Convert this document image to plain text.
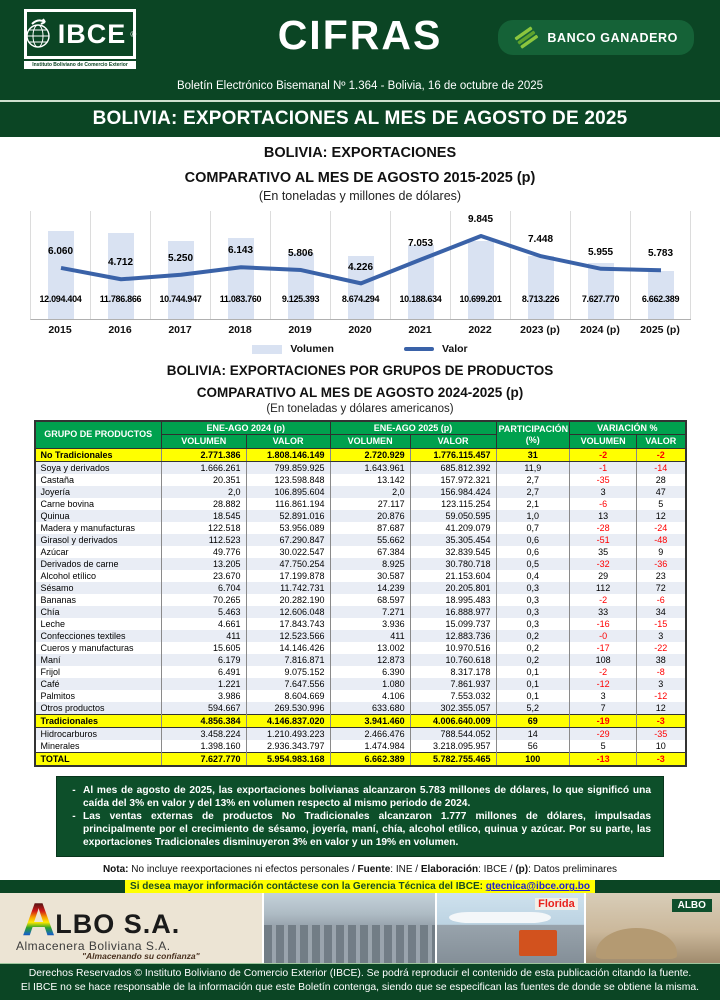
IBCE ®
Instituto Boliviano de Comercio Exterior
CIFRAS	BANCO GANADERO
Boletín Electrónico Bisemanal Nº 1.364 - Bolivia, 16 de octubre de 2025
BOLIVIA: EXPORTACIONES AL MES DE AGOSTO DE 2025
BOLIVIA: EXPORTACIONES
COMPARATIVO AL MES DE AGOSTO 2015-2025 (p)
(En toneladas y millones de dólares)
12.094.404
6.060
11.786.866
4.712
10.744.947
5.250
11.083.760
6.143
9.125.393
5.806
8.674.294
4.226
10.188.634
7.053
10.699.201
9.845
8.713.226
7.448
7.627.770
5.955
6.662.389
5.783
2015	2016	2017	2018	2019	2020	2021	2022	2023 (p)	2024 (p)	2025 (p)
Volumen	Valor
BOLIVIA: EXPORTACIONES POR GRUPOS DE PRODUCTOS
COMPARATIVO AL MES DE AGOSTO 2024-2025 (p)
(En toneladas y dólares americanos)
GRUPO DE PRODUCTOS	ENE-AGO 2024 (p)		ENE-AGO 2025 (p)		PARTICIPACIÓN
(%)	VARIACIÓN %	
	VOLUMEN	VALOR	VOLUMEN	VALOR		VOLUMEN	VALOR
No Tradicionales	2.771.386	1.808.146.149	2.720.929	1.776.115.457	31	-2	-2
Soya y derivados	1.666.261	799.859.925	1.643.961	685.812.392	11,9	-1	-14
Castaña	20.351	123.598.848	13.142	157.972.321	2,7	-35	28
Joyería	2,0	106.895.604	2,0	156.984.424	2,7	3	47
Carne bovina	28.882	116.861.194	27.117	123.115.254	2,1	-6	5
Quinua	18.545	52.891.016	20.876	59.050.595	1,0	13	12
Madera y manufacturas	122.518	53.956.089	87.687	41.209.079	0,7	-28	-24
Girasol y derivados	112.523	67.290.847	55.662	35.305.454	0,6	-51	-48
Azúcar	49.776	30.022.547	67.384	32.839.545	0,6	35	9
Derivados de carne	13.205	47.750.254	8.925	30.780.718	0,5	-32	-36
Alcohol etílico	23.670	17.199.878	30.587	21.153.604	0,4	29	23
Sésamo	6.704	11.742.731	14.239	20.205.801	0,3	112	72
Bananas	70.265	20.282.190	68.597	18.995.483	0,3	-2	-6
Chía	5.463	12.606.048	7.271	16.888.977	0,3	33	34
Leche	4.661	17.843.743	3.936	15.099.737	0,3	-16	-15
Confecciones textiles	411	12.523.566	411	12.883.736	0,2	-0	3
Cueros y manufacturas	15.605	14.146.426	13.002	10.970.516	0,2	-17	-22
Maní	6.179	7.816.871	12.873	10.760.618	0,2	108	38
Frijol	6.491	9.075.152	6.390	8.317.178	0,1	-2	-8
Café	1.221	7.647.556	1.080	7.861.937	0,1	-12	3
Palmitos	3.986	8.604.669	4.106	7.553.032	0,1	3	-12
Otros productos	594.667	269.530.996	633.680	302.355.057	5,2	7	12
Tradicionales	4.856.384	4.146.837.020	3.941.460	4.006.640.009	69	-19	-3
Hidrocarburos	3.458.224	1.210.493.223	2.466.476	788.544.052	14	-29	-35
Minerales	1.398.160	2.936.343.797	1.474.984	3.218.095.957	56	5	10
TOTAL	7.627.770	5.954.983.168	6.662.389	5.782.755.465	100	-13	-3
- Al mes de agosto de 2025, las exportaciones bolivianas alcanzaron 5.783 millones de dólares, lo que significó una caída del 3% en valor y del 13% en volumen respecto al mismo periodo de 2024.
- Las ventas externas de productos No Tradicionales alcanzaron 1.777 millones de dólares, impulsadas principalmente por el crecimiento de sésamo, joyería, maní, chía, alcohol etílico, quinua y azúcar. Por su parte, las exportaciones Tradicionales disminuyeron 3% en valor y un 19% en volumen.
Nota: No incluye reexportaciones ni efectos personales / Fuente: INE / Elaboración: IBCE / (p): Datos preliminares
Si desea mayor información contáctese con la Gerencia Técnica del IBCE: gtecnica@ibce.org.bo
A LBO S.A.
Almacenera Boliviana S.A.
"Almacenando su confianza"
Florida	ALBO
Derechos Reservados © Instituto Boliviano de Comercio Exterior (IBCE). Se podrá reproducir el contenido de esta publicación citando la fuente.
El IBCE no se hace responsable de la información que este Boletín contenga, siendo que se especifican las fuentes de donde se obtiene la misma.
